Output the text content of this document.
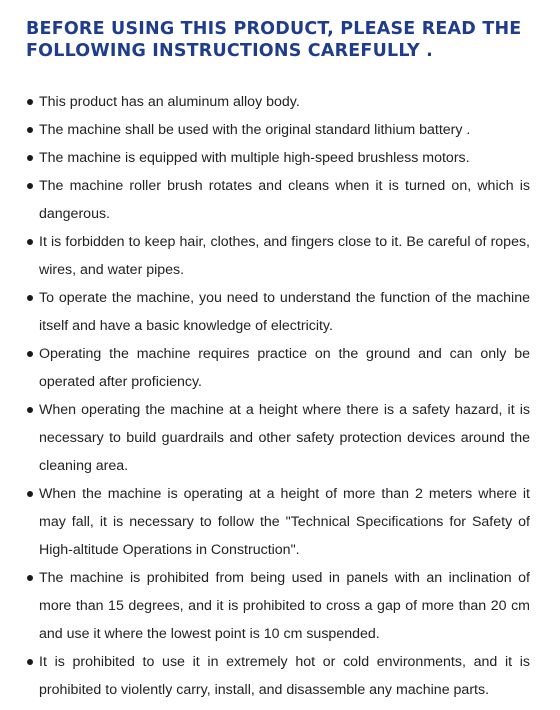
BEFORE USING THIS PRODUCT, PLEASE READ THE
FOLLOWING INSTRUCTIONS CAREFULLY .
This product has an aluminum alloy body.
The machine shall be used with the original standard lithium battery .
The machine is equipped with multiple high-speed brushless motors.
The machine roller brush rotates and cleans when it is turned on, which is dangerous.
It is forbidden to keep hair, clothes, and fingers close to it. Be careful of ropes, wires, and water pipes.
To operate the machine, you need to understand the function of the machine itself and have a basic knowledge of electricity.
Operating the machine requires practice on the ground and can only be operated after proficiency.
When operating the machine at a height where there is a safety hazard, it is necessary to build guardrails and other safety protection devices around the cleaning area.
When the machine is operating at a height of more than 2 meters where it may fall, it is necessary to follow the "Technical Specifications for Safety of High-altitude Operations in Construction".
The machine is prohibited from being used in panels with an inclination of more than 15 degrees, and it is prohibited to cross a gap of more than 20 cm and use it where the lowest point is 10 cm suspended.
It is prohibited to use it in extremely hot or cold environments, and it is prohibited to violently carry, install, and disassemble any machine parts.
